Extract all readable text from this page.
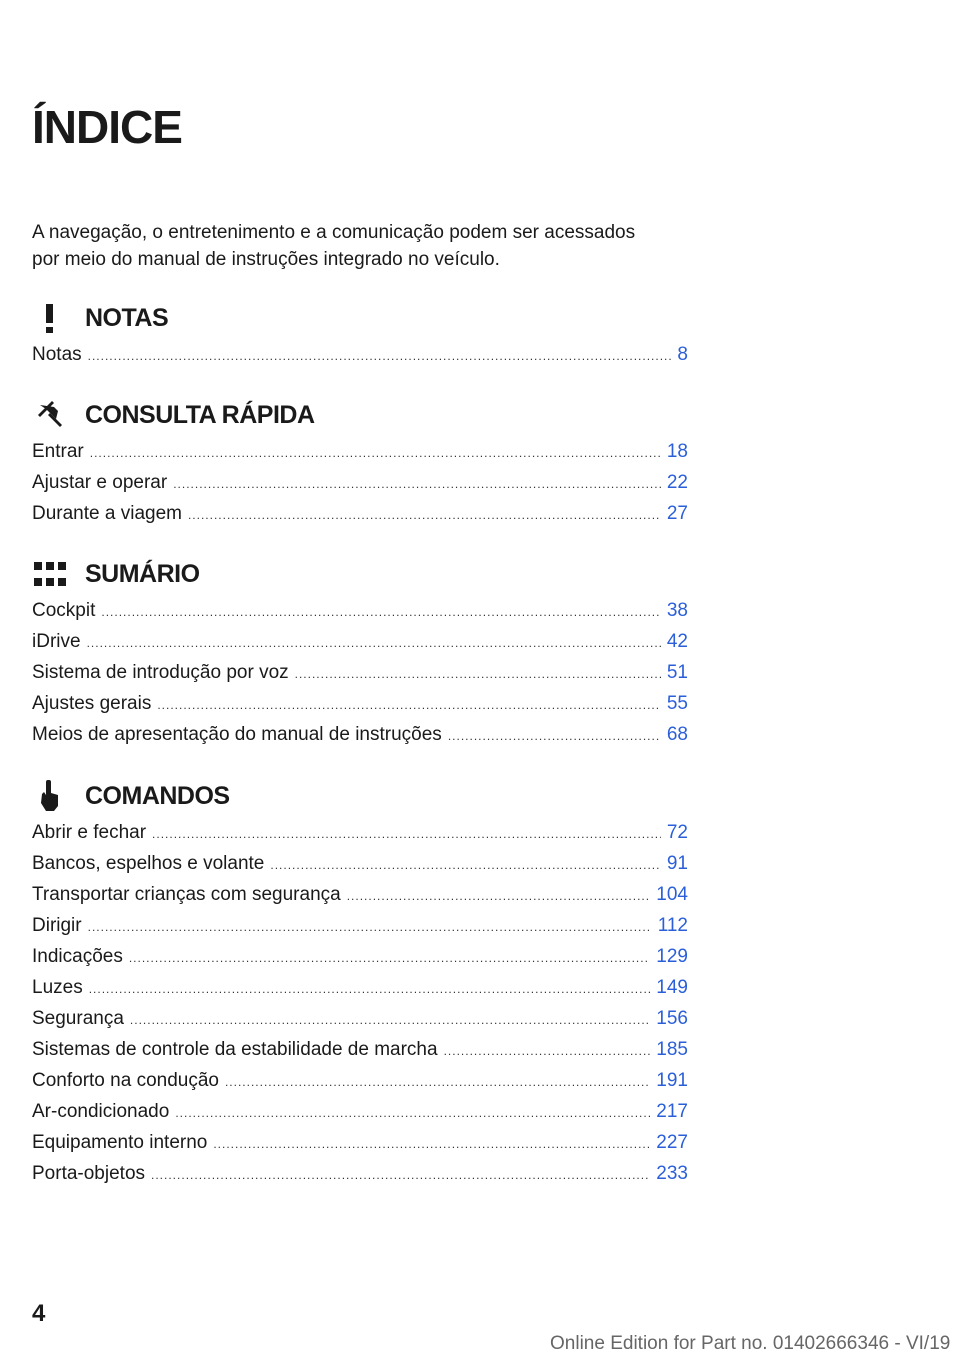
ÍNDICE
A navegação, o entretenimento e a comunicação podem ser acessados
por meio do manual de instruções integrado no veículo.
NOTAS
Notas .....	8
CONSULTA RÁPIDA
Entrar .....	18
Ajustar e operar .....	22
Durante a viagem .....	27
SUMÁRIO
Cockpit .....	38
iDrive .....	42
Sistema de introdução por voz .....	51
Ajustes gerais .....	55
Meios de apresentação do manual de instruções .....	68
COMANDOS
Abrir e fechar .....	72
Bancos, espelhos e volante .....	91
Transportar crianças com segurança .....	104
Dirigir .....	112
Indicações .....	129
Luzes .....	149
Segurança .....	156
Sistemas de controle da estabilidade de marcha .....	185
Conforto na condução .....	191
Ar-condicionado .....	217
Equipamento interno .....	227
Porta-objetos .....	233
4
Online Edition for Part no. 01402666346 - VI/19
